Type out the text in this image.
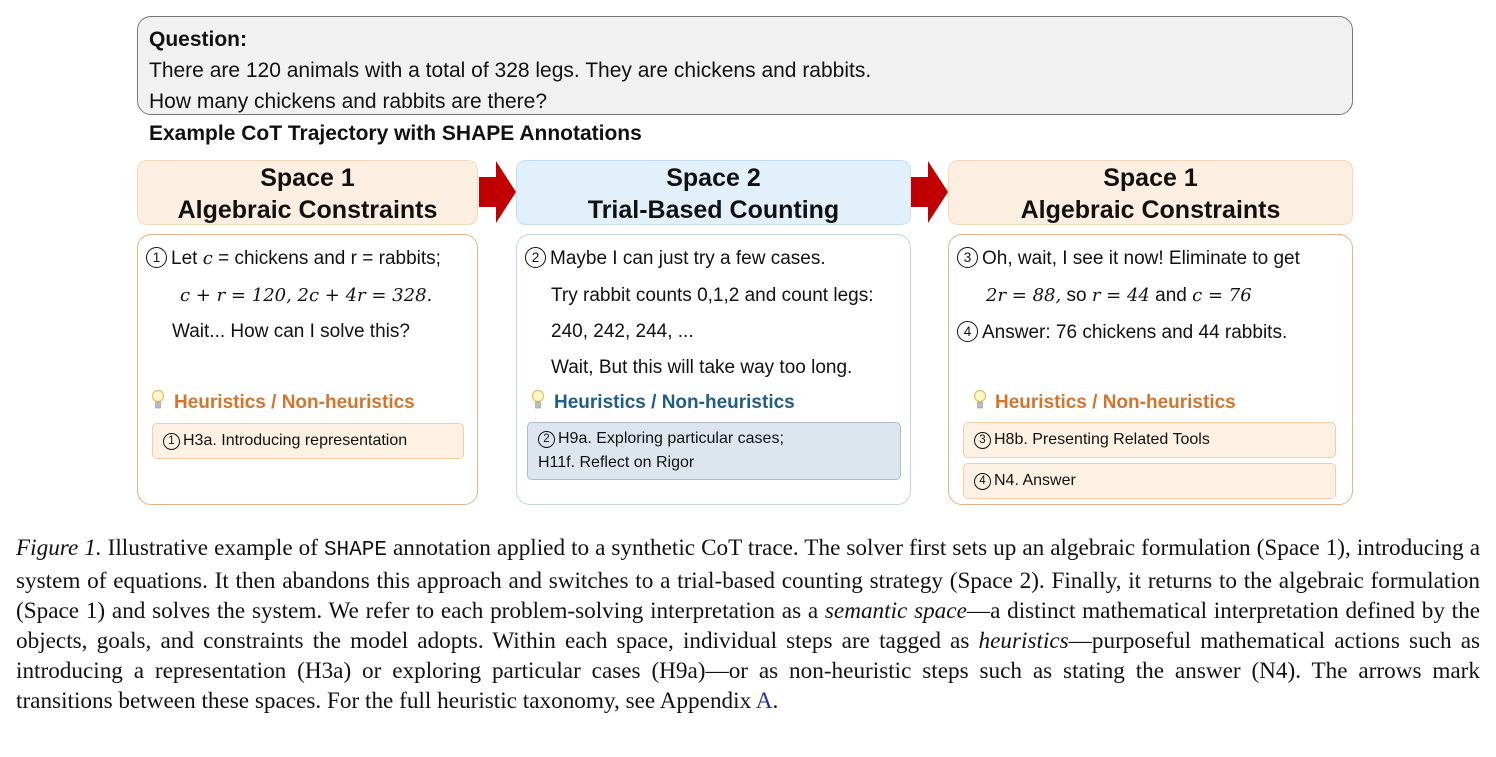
Question:
There are 120 animals with a total of 328 legs. They are chickens and rabbits.
How many chickens and rabbits are there?
Example CoT Trajectory with SHAPE Annotations
Space 1
Algebraic Constraints
Space 2
Trial-Based Counting
Space 1
Algebraic Constraints
1 Let c = chickens and r = rabbits;
c + r = 120, 2c + 4r = 328.
Wait... How can I solve this?
Heuristics / Non-heuristics
1 H3a. Introducing representation
2 Maybe I can just try a few cases.
Try rabbit counts 0,1,2 and count legs:
240, 242, 244, ...
Wait, But this will take way too long.
Heuristics / Non-heuristics
2 H9a. Exploring particular cases;
H11f. Reflect on Rigor
3 Oh, wait, I see it now! Eliminate to get
2r = 88, so r = 44 and c = 76
4 Answer: 76 chickens and 44 rabbits.
Heuristics / Non-heuristics
3 H8b. Presenting Related Tools
4 N4. Answer
Figure 1. Illustrative example of SHAPE annotation applied to a synthetic CoT trace. The solver first sets up an algebraic formulation (Space 1), introducing a system of equations. It then abandons this approach and switches to a trial-based counting strategy (Space 2). Finally, it returns to the algebraic formulation (Space 1) and solves the system. We refer to each problem-solving interpretation as a semantic space—a distinct mathematical interpretation defined by the objects, goals, and constraints the model adopts. Within each space, individual steps are tagged as heuristics—purposeful mathematical actions such as introducing a representation (H3a) or exploring particular cases (H9a)—or as non-heuristic steps such as stating the answer (N4). The arrows mark transitions between these spaces. For the full heuristic taxonomy, see Appendix A.
